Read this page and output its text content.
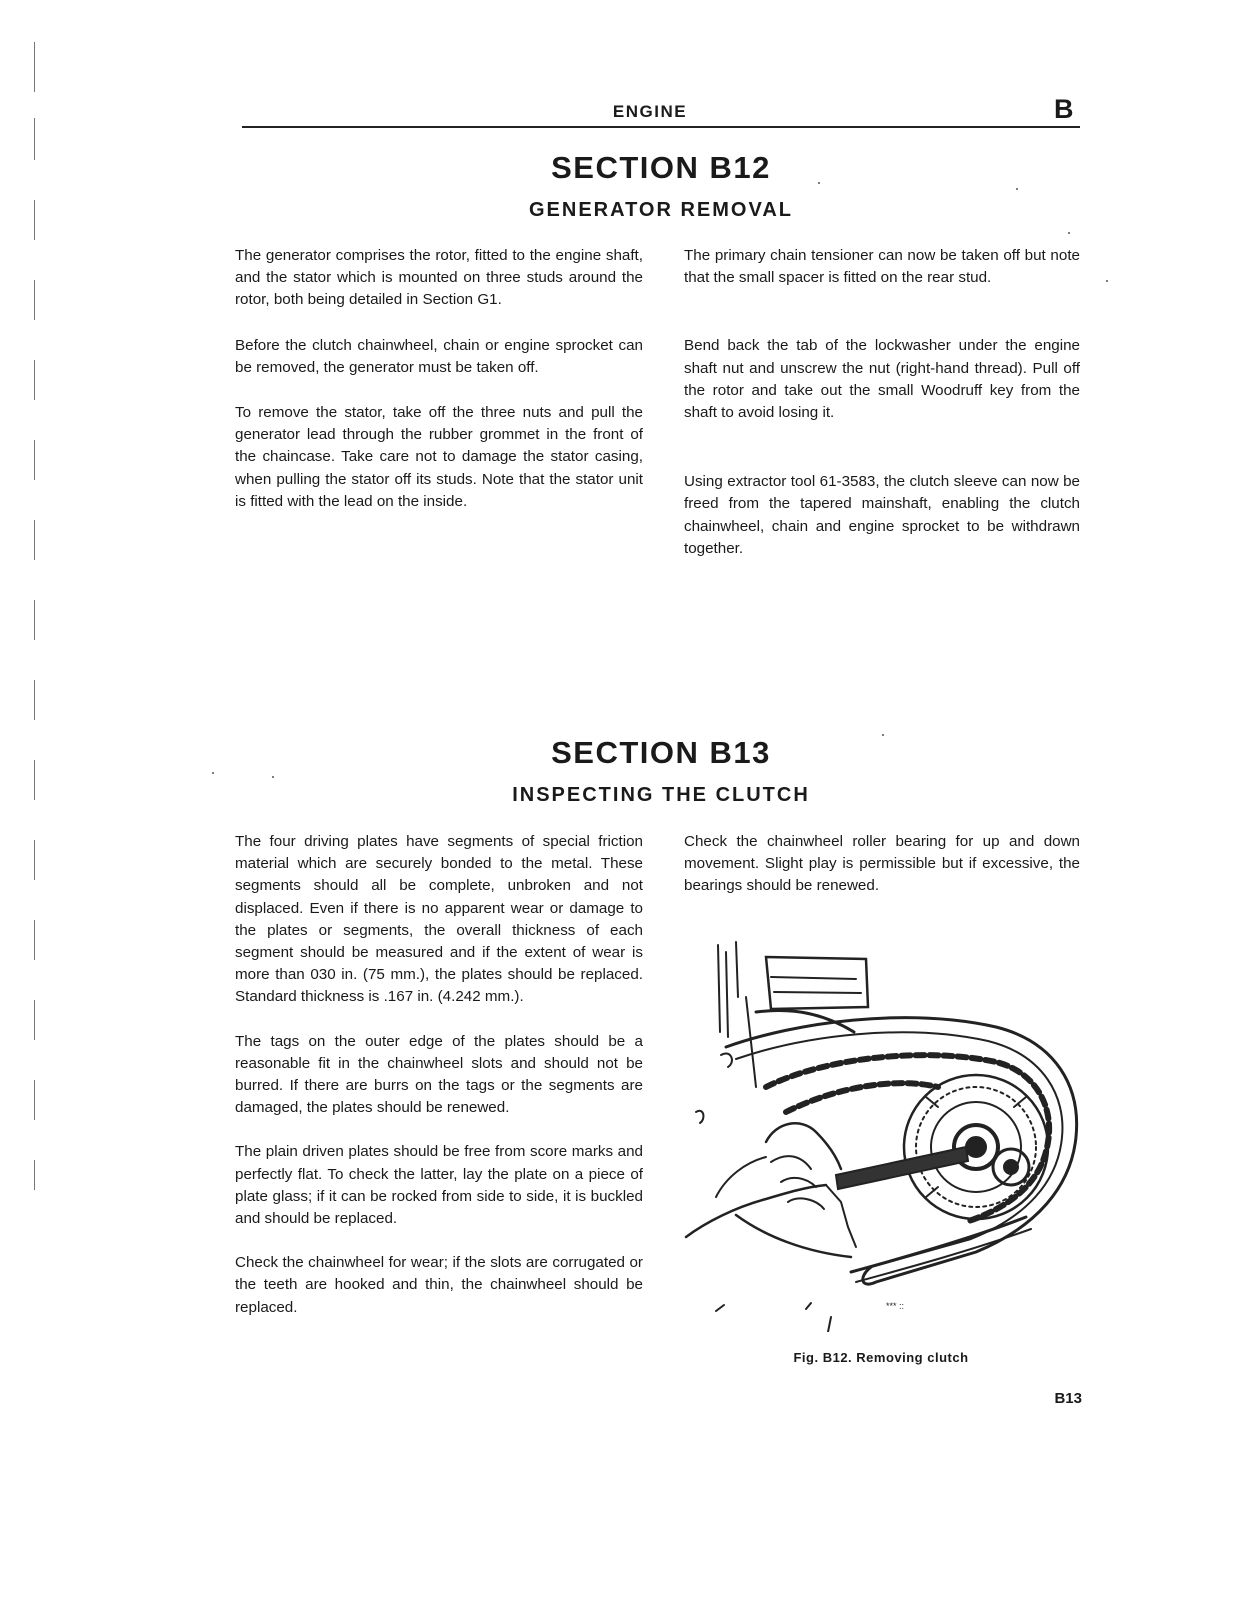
ENGINE	B
SECTION B12
GENERATOR REMOVAL

The generator comprises the rotor, fitted to the engine shaft, and the stator which is mounted on three studs around the rotor, both being detailed in Section G1.

Before the clutch chainwheel, chain or engine sprocket can be removed, the generator must be taken off.

To remove the stator, take off the three nuts and pull the generator lead through the rubber grommet in the front of the chaincase. Take care not to damage the stator casing, when pulling the stator off its studs. Note that the stator unit is fitted with the lead on the inside.

The primary chain tensioner can now be taken off but note that the small spacer is fitted on the rear stud.

Bend back the tab of the lockwasher under the engine shaft nut and unscrew the nut (right-hand thread). Pull off the rotor and take out the small Woodruff key from the shaft to avoid losing it.

Using extractor tool 61-3583, the clutch sleeve can now be freed from the tapered mainshaft, enabling the clutch chainwheel, chain and engine sprocket to be withdrawn together.

SECTION B13
INSPECTING THE CLUTCH

The four driving plates have segments of special friction material which are securely bonded to the metal. These segments should all be complete, unbroken and not displaced. Even if there is no apparent wear or damage to the plates or segments, the overall thickness of each segment should be measured and if the extent of wear is more than 030 in. (75 mm.), the plates should be replaced. Standard thickness is .167 in. (4.242 mm.).

The tags on the outer edge of the plates should be a reasonable fit in the chainwheel slots and should not be burred. If there are burrs on the tags or the segments are damaged, the plates should be renewed.

The plain driven plates should be free from score marks and perfectly flat. To check the latter, lay the plate on a piece of plate glass; if it can be rocked from side to side, it is buckled and should be replaced.

Check the chainwheel for wear; if the slots are corrugated or the teeth are hooked and thin, the chainwheel should be replaced.

Check the chainwheel roller bearing for up and down movement. Slight play is permissible but if excessive, the bearings should be renewed.

*** ::
Fig. B12. Removing clutch
B13
